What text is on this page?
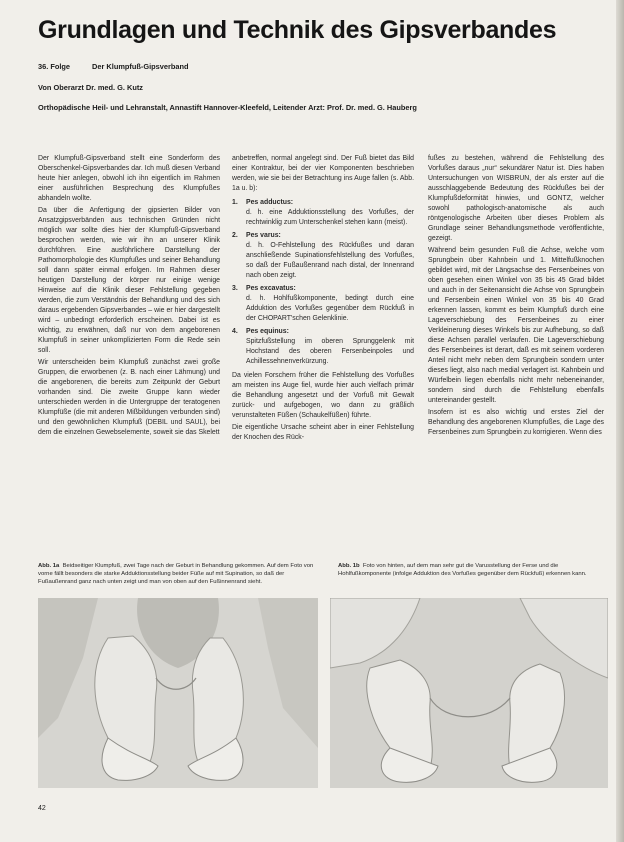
Grundlagen und Technik des Gipsverbandes
36. Folge	Der Klumpfuß-Gipsverband
Von Oberarzt Dr. med. G. Kutz
Orthopädische Heil- und Lehranstalt, Annastift Hannover-Kleefeld, Leitender Arzt: Prof. Dr. med. G. Hauberg

Der Klumpfuß-Gipsverband stellt eine Sonderform des Oberschenkel-Gipsverbandes dar. Ich muß diesen Verband heute hier anlegen, obwohl ich ihn eigentlich im Rahmen einer ausführlichen Besprechung des Klumpfußes abhandeln wollte.

Da über die Anfertigung der gipsierten Bilder von Ansatzgipsverbänden aus technischen Gründen nicht möglich war sollte dies hier der Klumpfuß-Gipsverband besprochen werden, wie wir ihn an unserer Klinik durchführen. Eine ausführlichere Darstellung der Pathomorphologie des Klumpfußes und seiner Behandlung soll dann später einmal erfolgen. Im Rahmen dieser heutigen Darstellung der körper nur einige wenige Hinweise auf die Klinik dieser Fehlstellung gegeben werden, die zum Verständnis der Behandlung und des sich daraus ergebenden Gipsverbandes – wie er hier dargestellt wird – unbedingt erforderlich erscheinen. Dabei ist es wichtig, zu erwähnen, daß nur von dem angeborenen Klumpfuß in seiner unkomplizierten Form die Rede sein soll.

Wir unterscheiden beim Klumpfuß zunächst zwei große Gruppen, die erworbenen (z. B. nach einer Lähmung) und die angeborenen, die bereits zum Zeitpunkt der Geburt vorhanden sind. Die zweite Gruppe kann wieder unterschieden werden in die Untergruppe der teratogenen Klumpfüße (die mit anderen Mißbildungen verbunden sind) und den gewöhnlichen Klumpfuß (DEBIL und SAUL), bei dem die einzelnen Gewebselemente, soweit sie das Skelett

anbetreffen, normal angelegt sind. Der Fuß bietet das Bild einer Kontraktur, bei der vier Komponenten beschrieben werden, wie sie bei der Betrachtung ins Auge fallen (s. Abb. 1a u. b):

1. Pes adductus:
d. h. eine Adduktionsstellung des Vorfußes, der rechtwinklig zum Unterschenkel stehen kann (meist).
2. Pes varus:
d. h. O-Fehlstellung des Rückfußes und daran anschließende Supinationsfehlstellung des Vorfußes, so daß der Fußaußenrand nach distal, der Innenrand nach oben zeigt.
3. Pes excavatus:
d. h. Hohlfußkomponente, bedingt durch eine Adduktion des Vorfußes gegenüber dem Rückfuß in der CHOPART'schen Gelenklinie.
4. Pes equinus:
Spitzfußstellung im oberen Sprunggelenk mit Hochstand des oberen Fersenbeinpoles und Achillessehnenverkürzung.

Da vielen Forschern früher die Fehlstellung des Vorfußes am meisten ins Auge fiel, wurde hier auch vielfach primär die Behandlung angesetzt und der Vorfuß mit Gewalt zurück- und aufgebogen, wo dann zu gräßlich verunstalteten Füßen (Schaukelfüßen) führte.

Die eigentliche Ursache scheint aber in einer Fehlstellung der Knochen des Rück-

fußes zu bestehen, während die Fehlstellung des Vorfußes daraus „nur“ sekundärer Natur ist. Dies haben Untersuchungen von WISBRUN, der als erster auf die ausschlaggebende Bedeutung des Rückfußes bei der Klumpfußdeformität hinwies, und GONTZ, welcher sowohl pathologisch-anatomische als auch röntgenologische Arbeiten über dieses Problem als Grundlage seiner Behandlungsmethode veröffentlichte, gezeigt.

Während beim gesunden Fuß die Achse, welche vom Sprungbein über Kahnbein und 1. Mittelfußknochen gebildet wird, mit der Längsachse des Fersenbeines von oben gesehen einen Winkel von 35 bis 45 Grad bildet und auch in der Seitenansicht die Achse von Sprungbein und Fersenbein einen Winkel von 35 bis 40 Grad erkennen lassen, kommt es beim Klumpfuß durch eine Lageverschiebung des Fersenbeines zu einer Verkleinerung dieses Winkels bis zur Aufhebung, so daß diese Achsen parallel verlaufen. Die Lageverschiebung des Fersenbeines ist derart, daß es mit seinem vorderen Anteil nicht mehr neben dem Sprungbein sondern unter dieses liegt, also nach medial verlagert ist. Kahnbein und Würfelbein liegen ebenfalls nicht mehr nebeneinander, sondern sind durch die Fehlstellung ebenfalls untereinander gestellt.

Insofern ist es also wichtig und erstes Ziel der Behandlung des angeborenen Klumpfußes, die Lage des Fersenbeines zum Sprungbein zu korrigieren. Wenn dies

Abb. 1a Beidseitiger Klumpfuß, zwei Tage nach der Geburt in Behandlung gekommen. Auf dem Foto von vorne fällt besonders die starke Adduktionsstellung beider Füße auf mit Supination, so daß der Fußaußenrand ganz nach unten zeigt und man von oben auf den Fußinnenrand sieht.
Abb. 1b Foto von hinten, auf dem man sehr gut die Varusstellung der Ferse und die Hohlfußkomponente (infolge Adduktion des Vorfußes gegenüber dem Rückfuß) erkennen kann.
42
